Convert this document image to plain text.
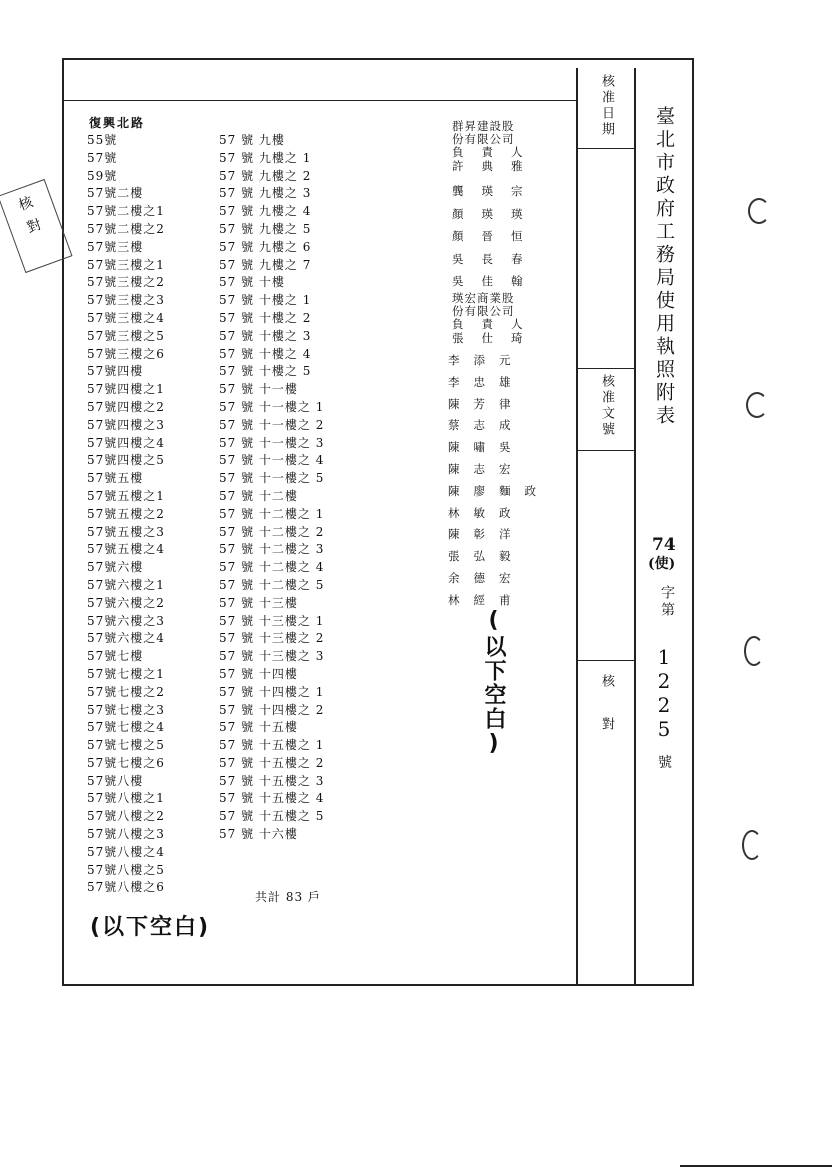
核准日期
核准文號
核對
臺北市政府工務局使用執照附表
74
(使)
字第
1225
號
復興北路
55號
57號
59號
57號二樓
57號二樓之1
57號二樓之2
57號三樓
57號三樓之1
57號三樓之2
57號三樓之3
57號三樓之4
57號三樓之5
57號三樓之6
57號四樓
57號四樓之1
57號四樓之2
57號四樓之3
57號四樓之4
57號四樓之5
57號五樓
57號五樓之1
57號五樓之2
57號五樓之3
57號五樓之4
57號六樓
57號六樓之1
57號六樓之2
57號六樓之3
57號六樓之4
57號七樓
57號七樓之1
57號七樓之2
57號七樓之3
57號七樓之4
57號七樓之5
57號七樓之6
57號八樓
57號八樓之1
57號八樓之2
57號八樓之3
57號八樓之4
57號八樓之5
57號八樓之6
57 號 九樓
57 號 九樓之 1
57 號 九樓之 2
57 號 九樓之 3
57 號 九樓之 4
57 號 九樓之 5
57 號 九樓之 6
57 號 九樓之 7
57 號 十樓
57 號 十樓之 1
57 號 十樓之 2
57 號 十樓之 3
57 號 十樓之 4
57 號 十樓之 5
57 號 十一樓
57 號 十一樓之 1
57 號 十一樓之 2
57 號 十一樓之 3
57 號 十一樓之 4
57 號 十一樓之 5
57 號 十二樓
57 號 十二樓之 1
57 號 十二樓之 2
57 號 十二樓之 3
57 號 十二樓之 4
57 號 十二樓之 5
57 號 十三樓
57 號 十三樓之 1
57 號 十三樓之 2
57 號 十三樓之 3
57 號 十四樓
57 號 十四樓之 1
57 號 十四樓之 2
57 號 十五樓
57 號 十五樓之 1
57 號 十五樓之 2
57 號 十五樓之 3
57 號 十五樓之 4
57 號 十五樓之 5
57 號 十六樓
共計 83 戶
(以下空白)
群昇建設股
份有限公司
負責人
許典雅
龔瑛宗
顏瑛瑛
顏晉恒
吳長春
吳佳翰
瑛宏商業股
份有限公司
負責人
張仕琦
李添元
李忠雄
陳芳律
蔡志成
陳嘯吳
陳志宏
陳廖麵政
林敏政
陳彰洋
張弘毅
余德宏
林經甫
(以下空白)
核對
